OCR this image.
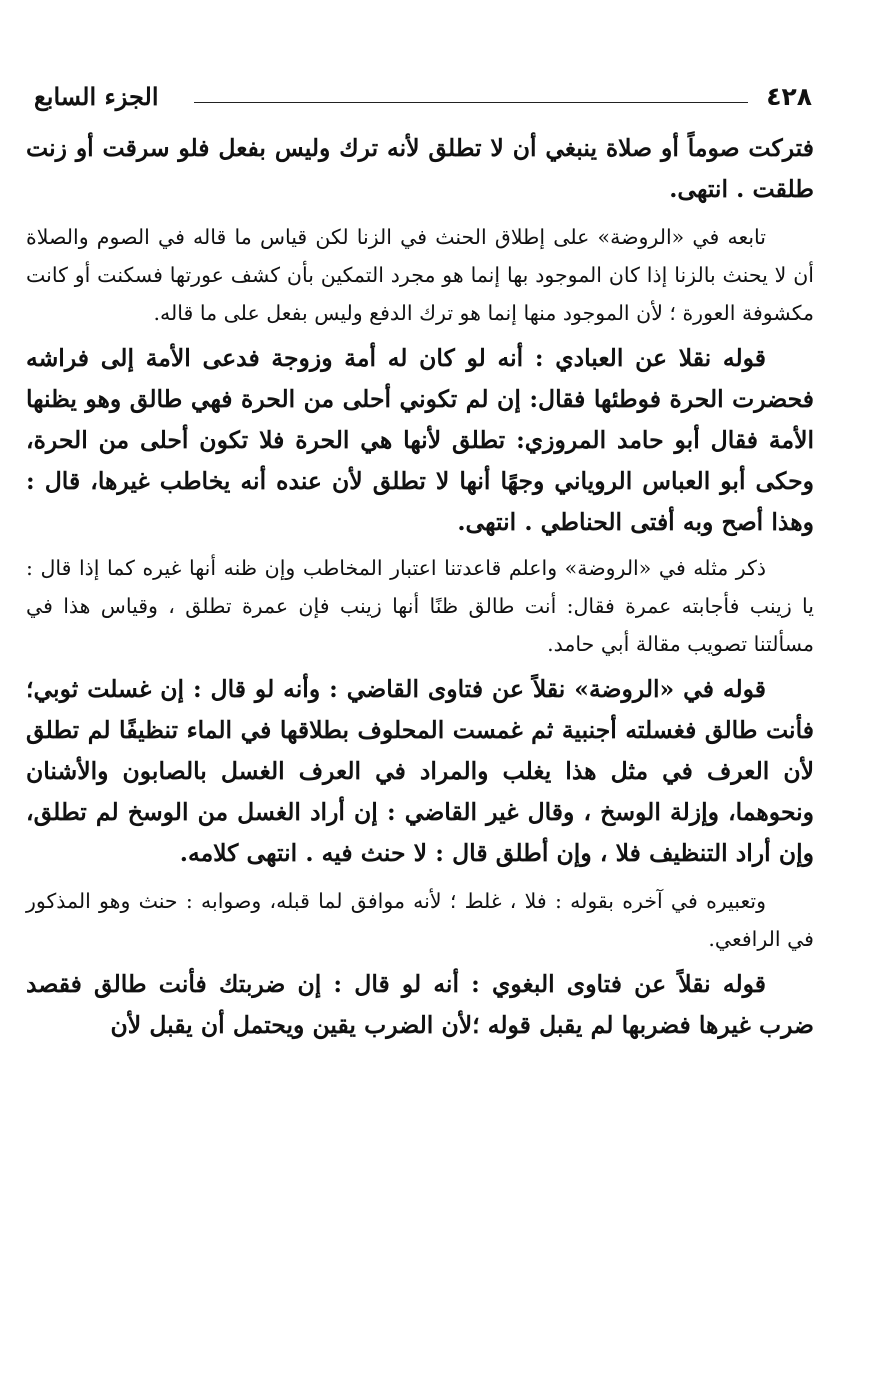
٤٢٨
الجزء السابع

فتركت صوماً أو صلاة ينبغي أن لا تطلق لأنه ترك وليس بفعل فلو سرقت أو زنت طلقت . انتهى.

تابعه في «الروضة» على إطلاق الحنث في الزنا لكن قياس ما قاله في الصوم والصلاة أن لا يحنث بالزنا إذا كان الموجود بها إنما هو مجرد التمكين بأن كشف عورتها فسكنت أو كانت مكشوفة العورة ؛ لأن الموجود منها إنما هو ترك الدفع وليس بفعل على ما قاله.

قوله نقلا عن العبادي : أنه لو كان له أمة وزوجة فدعى الأمة إلى فراشه فحضرت الحرة فوطئها فقال: إن لم تكوني أحلى من الحرة فهي طالق وهو يظنها الأمة فقال أبو حامد المروزي: تطلق لأنها هي الحرة فلا تكون أحلى من الحرة، وحكى أبو العباس الروياني وجهًا أنها لا تطلق لأن عنده أنه يخاطب غيرها، قال : وهذا أصح وبه أفتى الحناطي . انتهى.

ذكر مثله في «الروضة» واعلم قاعدتنا اعتبار المخاطب وإن ظنه أنها غيره كما إذا قال : يا زينب فأجابته عمرة فقال: أنت طالق ظنًا أنها زينب فإن عمرة تطلق ، وقياس هذا في مسألتنا تصويب مقالة أبي حامد.

قوله في «الروضة» نقلاً عن فتاوى القاضي : وأنه لو قال : إن غسلت ثوبي؛ فأنت طالق فغسلته أجنبية ثم غمست المحلوف بطلاقها في الماء تنظيفًا لم تطلق لأن العرف في مثل هذا يغلب والمراد في العرف الغسل بالصابون والأشنان ونحوهما، وإزلة الوسخ ، وقال غير القاضي : إن أراد الغسل من الوسخ لم تطلق، وإن أراد التنظيف فلا ، وإن أطلق قال : لا حنث فيه . انتهى كلامه.

وتعبيره في آخره بقوله : فلا ، غلط ؛ لأنه موافق لما قبله، وصوابه : حنث وهو المذكور في الرافعي.

قوله نقلاً عن فتاوى البغوي : أنه لو قال : إن ضربتك فأنت طالق فقصد ضرب غيرها فضربها لم يقبل قوله ؛لأن الضرب يقين ويحتمل أن يقبل لأن
